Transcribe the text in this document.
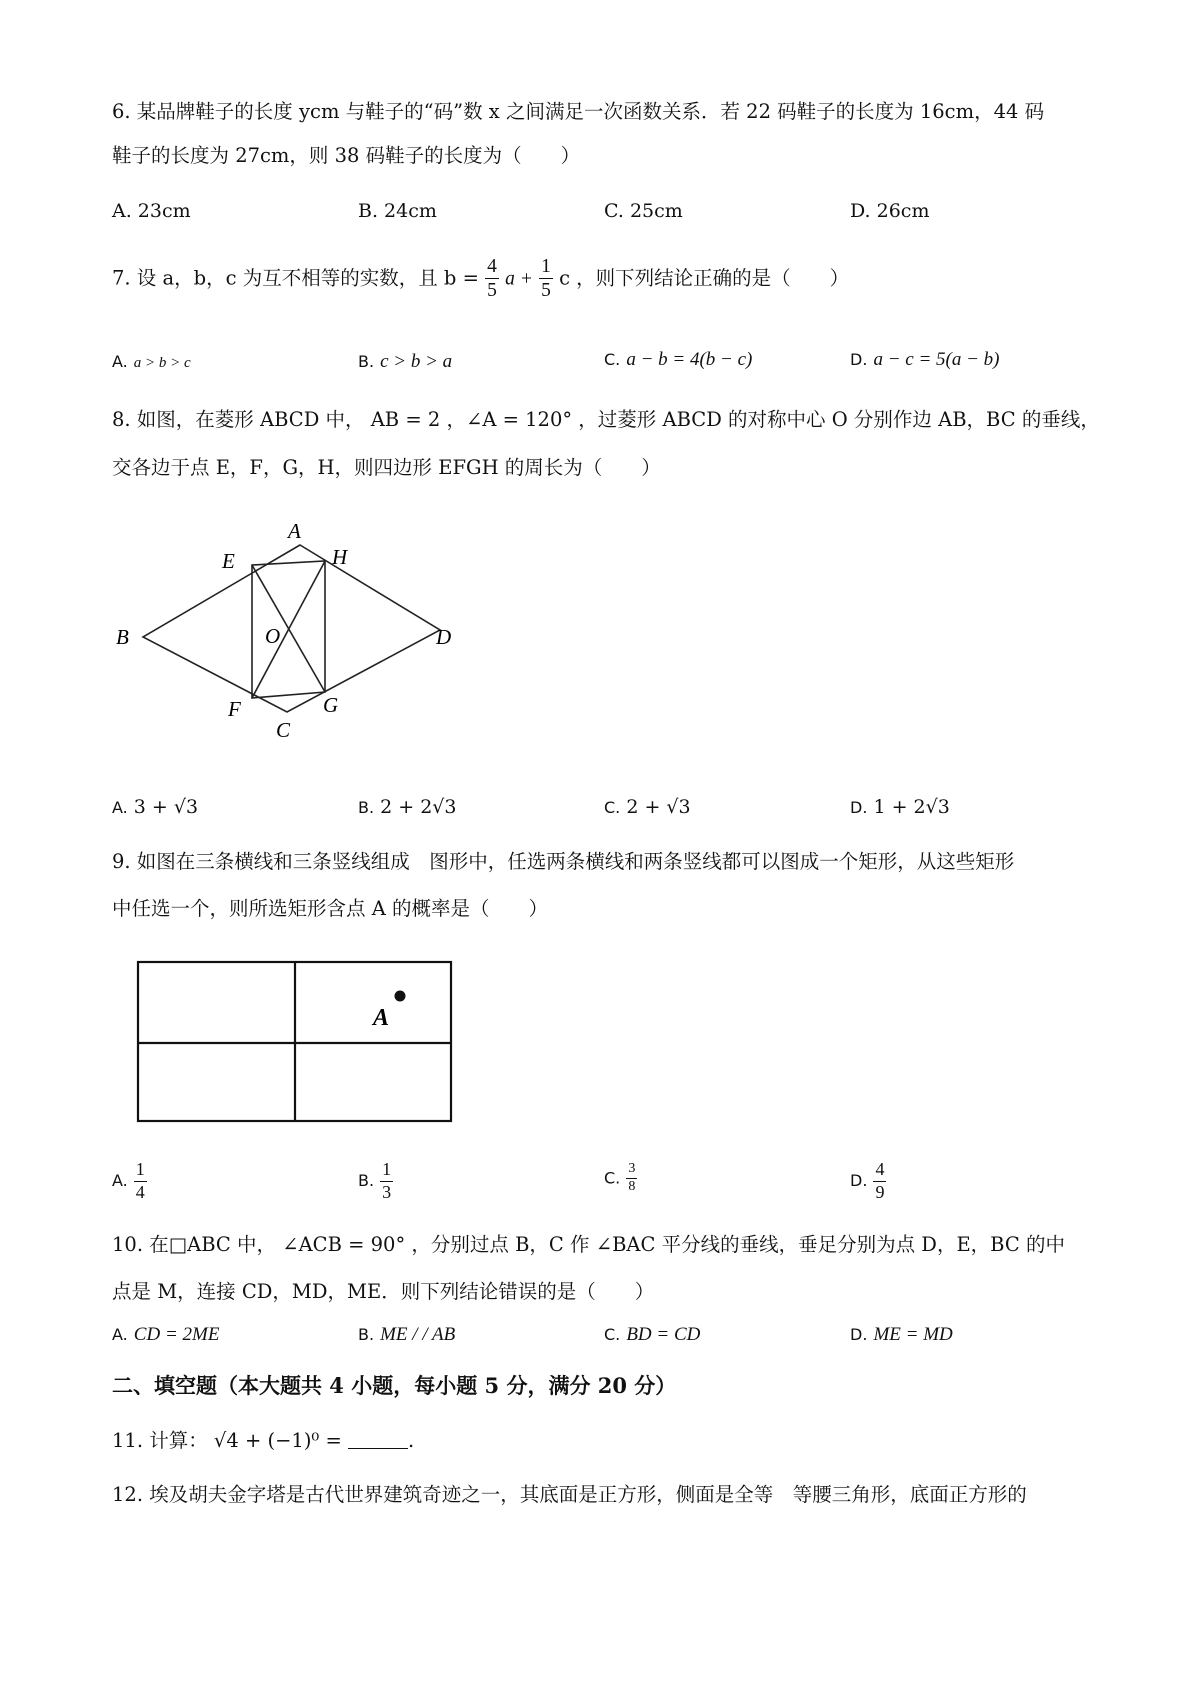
6. 某品牌鞋子的长度 ycm 与鞋子的“码”数 x 之间满足一次函数关系．若 22 码鞋子的长度为 16cm，44 码
鞋子的长度为 27cm，则 38 码鞋子的长度为（　　）
A. 23cm	B. 24cm	C. 25cm	D. 26cm
7. 设 a，b，c 为互不相等的实数，且 $b = \frac{4}{5}$ $a + \frac{1}{5}$ c ，则下列结论正确的是（　　）
A. a > b > c	B. c > b > a	C. a − b = 4(b − c)	D. a − c = 5(a − b)
8. 如图，在菱形 ABCD 中， AB = 2 ，∠A = 120° ，过菱形 ABCD 的对称中心 O 分别作边 AB，BC 的垂线，
交各边于点 E，F，G，H，则四边形 EFGH 的周长为（　　）
A
B
C
D
E
F	G
H
O
A. 3 + √3	B. 2 + 2√3	C. 2 + √3	D. 1 + 2√3
9. 如图在三条横线和三条竖线组成　图形中，任选两条横线和两条竖线都可以图成一个矩形，从这些矩形
中任选一个，则所选矩形含点 A 的概率是（　　）
A
A. $\frac{1}{4}$	B. $\frac{1}{3}$	C. $\frac{3}{8}$	D. $\frac{4}{9}$
10. 在□ABC 中， ∠ACB = 90° ，分别过点 B，C 作 ∠BAC 平分线的垂线，垂足分别为点 D，E，BC 的中
点是 M，连接 CD，MD，ME．则下列结论错误的是（　　）
A. CD = 2ME	B. ME / / AB	C. BD = CD	D. ME = MD
二、填空题（本大题共 4 小题，每小题 5 分，满分 20 分）
11. 计算： √4 + (−1)⁰ =	.
12. 埃及胡夫金字塔是古代世界建筑奇迹之一，其底面是正方形，侧面是全等　等腰三角形，底面正方形的
